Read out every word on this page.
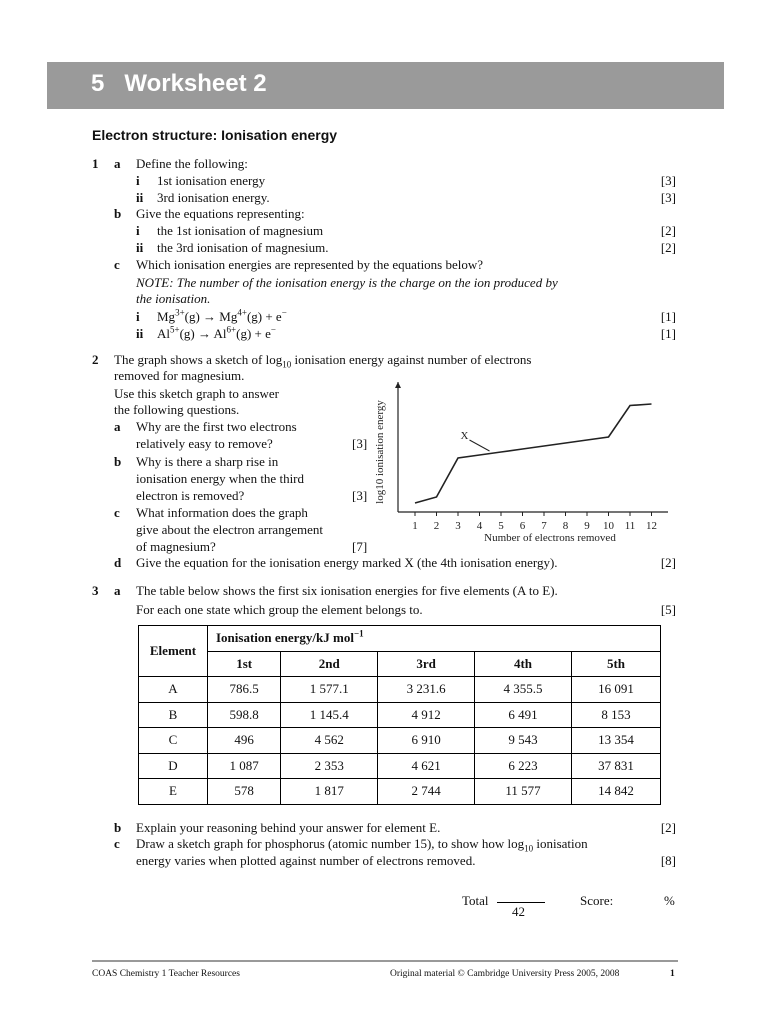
5   Worksheet 2
Electron structure: Ionisation energy
1 a Define the following:
i 1st ionisation energy	[3]
ii 3rd ionisation energy.	[3]
b Give the equations representing:
i the 1st ionisation of magnesium	[2]
ii the 3rd ionisation of magnesium.	[2]
c Which ionisation energies are represented by the equations below?
NOTE: The number of the ionisation energy is the charge on the ion produced by
the ionisation.
i $Mg^{3+}(g) \to Mg^{4+}(g) + e^-$	[1]
ii $Al^{5+}(g) \to Al^{6+}(g) + e^-$	[1]
2 The graph shows a sketch of $\log_{10}$ ionisation energy against number of electrons
removed for magnesium.
Use this sketch graph to answer
the following questions.
a Why are the first two electrons
relatively easy to remove?	[3]
b Why is there a sharp rise in
ionisation energy when the third
electron is removed?	[3]
c What information does the graph
give about the electron arrangement
of magnesium?	[7]
d Give the equation for the ionisation energy marked X (the 4th ionisation energy).	[2]
1 2 3 4 5 6 7 8 9 10 11 12
Number of electrons removed
log10 ionisation energy	X
3 a The table below shows the first six ionisation energies for five elements (A to E).
For each one state which group the element belongs to.	[5]
Element	Ionisation energy/kJ mol$^{-1}$
	1st	2nd	3rd	4th	5th
A	786.5	1 577.1	3 231.6	4 355.5	16 091
B	598.8	1 145.4	4 912	6 491	8 153
C	496	4 562	6 910	9 543	13 354
D	1 087	2 353	4 621	6 223	37 831
E	578	1 817	2 744	11 577	14 842
b Explain your reasoning behind your answer for element E.	[2]
c Draw a sketch graph for phosphorus (atomic number 15), to show how $\log_{10}$ ionisation
energy varies when plotted against number of electrons removed.	[8]
Total
42
Score:	%
COAS Chemistry 1 Teacher Resources	Original material © Cambridge University Press 2005, 2008	1
